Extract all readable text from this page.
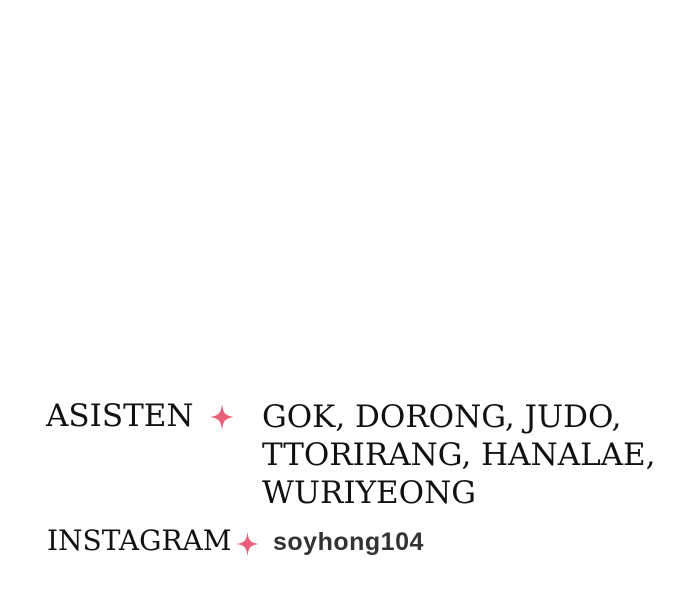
ASISTEN GOK, DORONG, JUDO,
TTORIRANG, HANALAE,
WURIYEONG
INSTAGRAM soyhong104
